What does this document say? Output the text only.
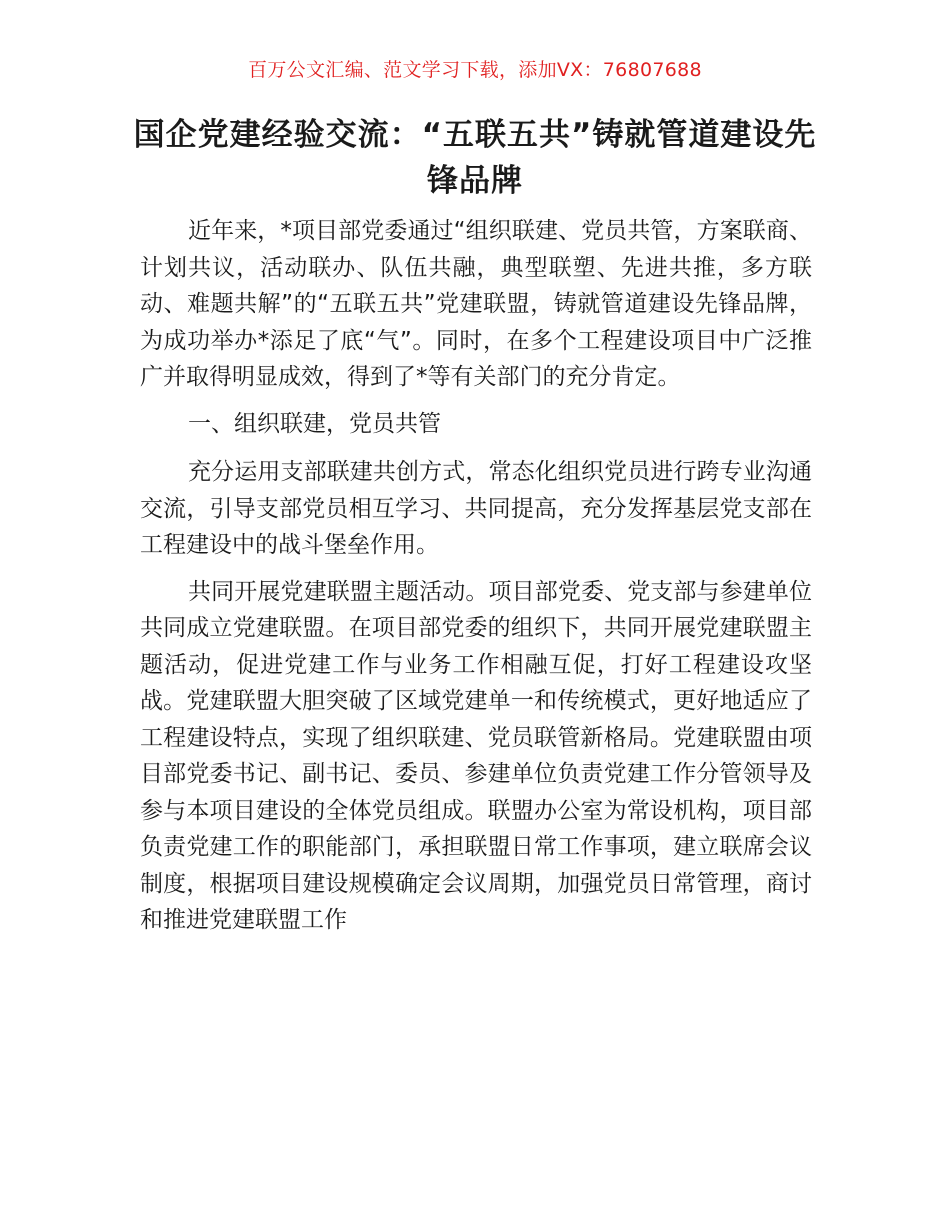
百万公文汇编、范文学习下载，添加VX：76807688
国企党建经验交流：“五联五共”铸就管道建设先锋品牌

近年来，*项目部党委通过“组织联建、党员共管，方案联商、计划共议，活动联办、队伍共融，典型联塑、先进共推，多方联动、难题共解”的“五联五共”党建联盟，铸就管道建设先锋品牌，为成功举办*添足了底“气”。同时，在多个工程建设项目中广泛推广并取得明显成效，得到了*等有关部门的充分肯定。

一、组织联建，党员共管

充分运用支部联建共创方式，常态化组织党员进行跨专业沟通交流，引导支部党员相互学习、共同提高，充分发挥基层党支部在工程建设中的战斗堡垒作用。

共同开展党建联盟主题活动。项目部党委、党支部与参建单位共同成立党建联盟。在项目部党委的组织下，共同开展党建联盟主题活动，促进党建工作与业务工作相融互促，打好工程建设攻坚战。党建联盟大胆突破了区域党建单一和传统模式，更好地适应了工程建设特点，实现了组织联建、党员联管新格局。党建联盟由项目部党委书记、副书记、委员、参建单位负责党建工作分管领导及参与本项目建设的全体党员组成。联盟办公室为常设机构，项目部负责党建工作的职能部门，承担联盟日常工作事项，建立联席会议制度，根据项目建设规模确定会议周期，加强党员日常管理，商讨和推进党建联盟工作
